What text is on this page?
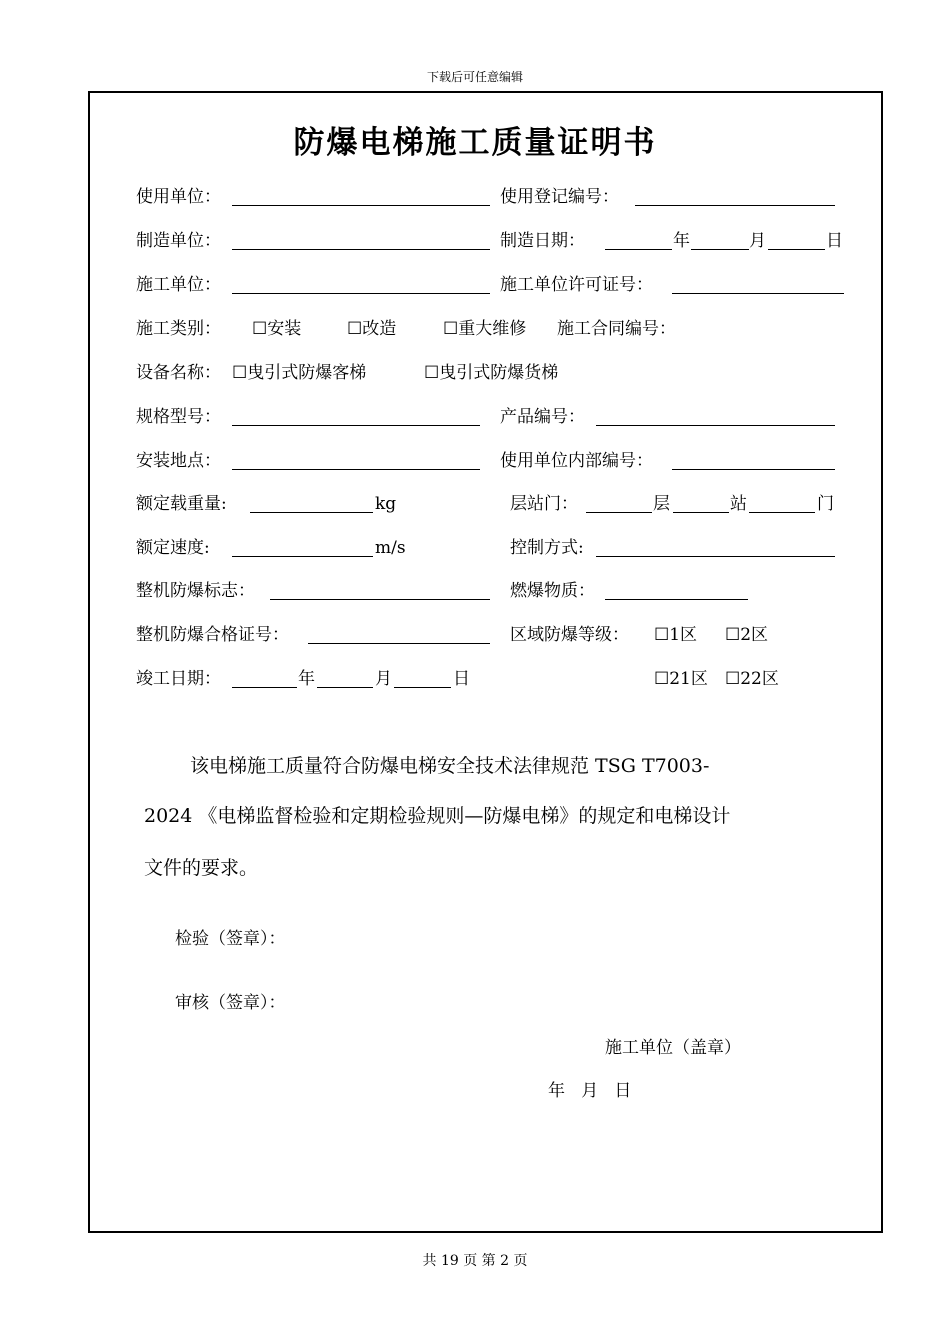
下载后可任意编辑
防爆电梯施工质量证明书
使用单位：	使用登记编号：
制造单位：	制造日期：	年	月	日
施工单位：	施工单位许可证号：
施工类别： ☐安装	☐改造	☐重大维修 施工合同编号：
设备名称： ☐曳引式防爆客梯	☐曳引式防爆货梯
规格型号：	产品编号：
安装地点：	使用单位内部编号：
额定载重量:	kg	层站门：	层	站	门
额定速度:	m/s	控制方式:
整机防爆标志：	燃爆物质：
整机防爆合格证号：	区域防爆等级： ☐1区 ☐2区
竣工日期：	年	月	日	☐21区 ☐22区
该电梯施工质量符合防爆电梯安全技术法律规范 TSG T7003-
2024 《电梯监督检验和定期检验规则—防爆电梯》的规定和电梯设计
文件的要求。
检验（签章）：
审核（签章）：
施工单位（盖章）
年   月   日
共 19 页 第 2 页
